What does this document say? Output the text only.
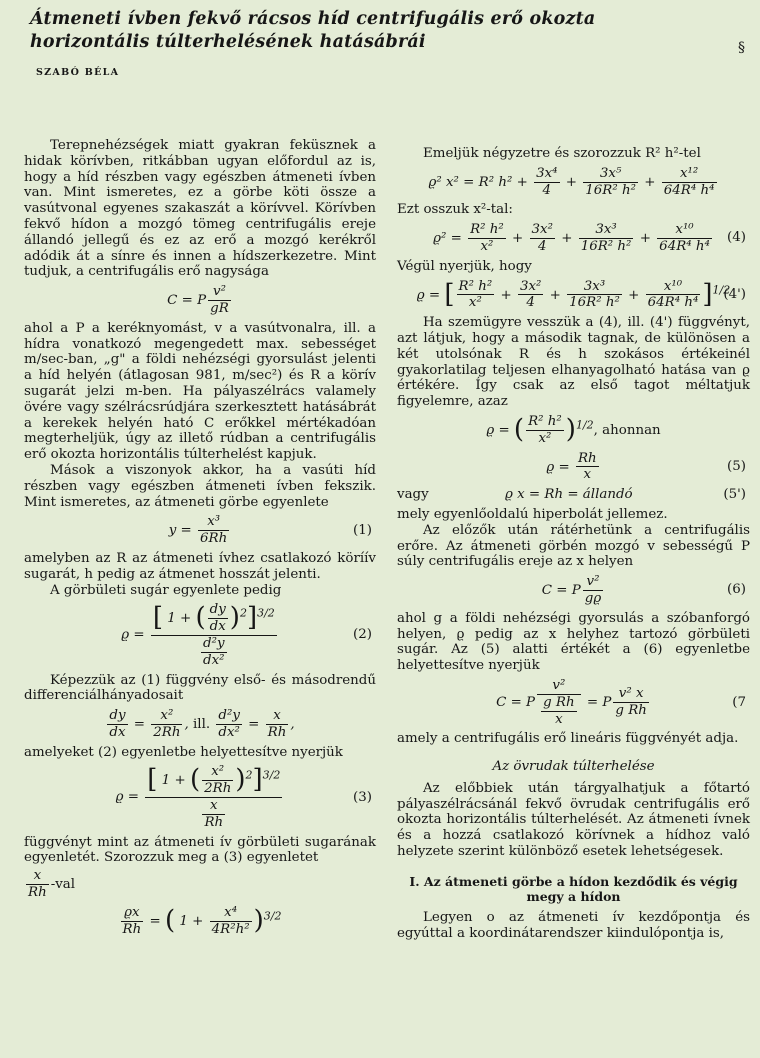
Átmeneti ívben fekvő rácsos híd centrifugális erő okozta horizontális túlterhelésének hatásábrái	§
SZABÓ BÉLA

Terepnehézségek miatt gyakran feküsznek a hidak körívben, ritkábban ugyan előfordul az is, hogy a híd részben vagy egészben átmeneti ívben van. Mint ismeretes, ez a görbe köti össze a vasútvonal egyenes szakaszát a körívvel. Körívben fekvő hídon a mozgó tömeg centrifugális ereje állandó jellegű és ez az erő a mozgó kerékről adódik át a sínre és innen a hídszerkezetre. Mint tudjuk, a centrifugális erő nagysága

C = P $\frac{\text{v²}}{gR}$

ahol a P a keréknyomást, v a vasútvonalra, ill. a hídra vonatkozó megengedett max. sebességet m/sec-ban, „g" a földi nehézségi gyorsulást jelenti a híd helyén (átlagosan 981, m/sec²) és R a körív sugarát jelzi m-ben. Ha pályaszélrács valamely övére vagy szélrácsrúdjára szerkesztett hatásábrát a kerekek helyén ható C erőkkel mértékadóan megterheljük, úgy az illető rúdban a centrifugális erő okozta horizontális túlterhelést kapjuk.

Mások a viszonyok akkor, ha a vasúti híd részben vagy egészben átmeneti ívben fekszik. Mint ismeretes, az átmeneti görbe egyenlete

$y = \frac{\text{x³}}{6Rh}$	(1)

amelyben az R az átmeneti ívhez csatlakozó köríív sugarát, h pedig az átmenet hosszát jelenti.

A görbületi sugár egyenlete pedig

$ϱ = \frac{[ 1 + ( \frac{dy}{dx} )^2]^{3/2}}{\frac{\text{d²y}}{\text{dx²}}}$	(2)

Képezzük az (1) függvény első- és másodrendű differenciálhányadosait

$\frac{dy}{dx} = \frac{\text{x²}}{2Rh}$ , ill. $\frac{\text{d²y}}{\text{dx²}} = \frac{x}{Rh}$ ,

amelyeket (2) egyenletbe helyettesítve nyerjük

$ϱ = \frac{[ 1 + ( \frac{\text{x²}}{2Rh} )^2]^{3/2}}{\frac{x}{Rh}}$	(3)

függvényt mint az átmeneti ív görbületi sugarának egyenletét. Szorozzuk meg a (3) egyenletet

$\frac{x}{Rh} -val$
$\frac{ϱx}{Rh}$ = ( $1 + \frac{\text{x⁴}}{\text{4R²h²}} )^{3/2}$

Emeljük négyzetre és szorozzuk R² h²-tel

ϱ² x² = R² $h^2 + \frac{\text{3x⁴}}{4} + \frac{\text{3x⁵}}{\text{16R² h²}} + \frac{\text{x¹²}}{\text{64R⁴ h⁴}}$

Ezt osszuk x²-tal:

$ϱ^2 = \frac{\text{R² h²}}{\text{x²}} + \frac{\text{3x²}}{4} + \frac{\text{3x³}}{\text{16R² h²}} + \frac{\text{x¹⁰}}{\text{64R⁴ h⁴}} (4)$

Végül nyerjük, hogy

ϱ = [ $\frac{\text{R² h²}}{\text{x²}} + \frac{\text{3x²}}{4} + \frac{\text{3x³}}{\text{16R² h²}} + \frac{\text{x¹⁰}}{\text{64R⁴ h⁴}} ]^{1/2}$
(4')

Ha szemügyre vesszük a (4), ill. (4') függvényt, azt látjuk, hogy a második tagnak, de különösen a két utolsónak R és h szokásos értékeinél gyakorlatilag teljesen elhanyagolható hatása van ϱ értékére. Így csak az első tagot méltatjuk figyelemre, azaz

ϱ = ( $\frac{\text{R² h²}}{\text{x²}} )^{1/2}$, ahonnan
$ϱ = \frac{Rh}{x}$	(5)
vagy	ϱ x = Rh = állandó	(5')

mely egyenlőoldalú hiperbolát jellemez.

Az előzők után rátérhetünk a centrifugális erőre. Az átmeneti görbén mozgó v sebességű P súly centrifugális ereje az x helyen

C = P $\frac{\text{v²}}{gϱ}$	(6)

ahol g a földi nehézségi gyorsulás a szóbanforgó helyen, ϱ pedig az x helyhez tartozó görbületi sugár. Az (5) alatti értékét a (6) egyenletbe helyettesítve nyerjük

C = P $\frac{\text{v²}}{\frac{\text{g Rh}}{x}} = P \frac{\text{v² x}}{\text{g Rh}}$	(7

amely a centrifugális erő lineáris függvényét adja.

Az övrudak túlterhelése

Az előbbiek után tárgyalhatjuk a főtartó pályaszélrácsánál fekvő övrudak centrifugális erő okozta horizontális túlterhelését. Az átmeneti ívnek és a hozzá csatlakozó körívnek a hídhoz való helyzete szerint különböző esetek lehetségesek.

I. Az átmeneti görbe a hídon kezdődik és végig megy a hídon

Legyen o az átmeneti ív kezdőpontja és egyúttal a koordinátarendszer kiindulópontja is,
